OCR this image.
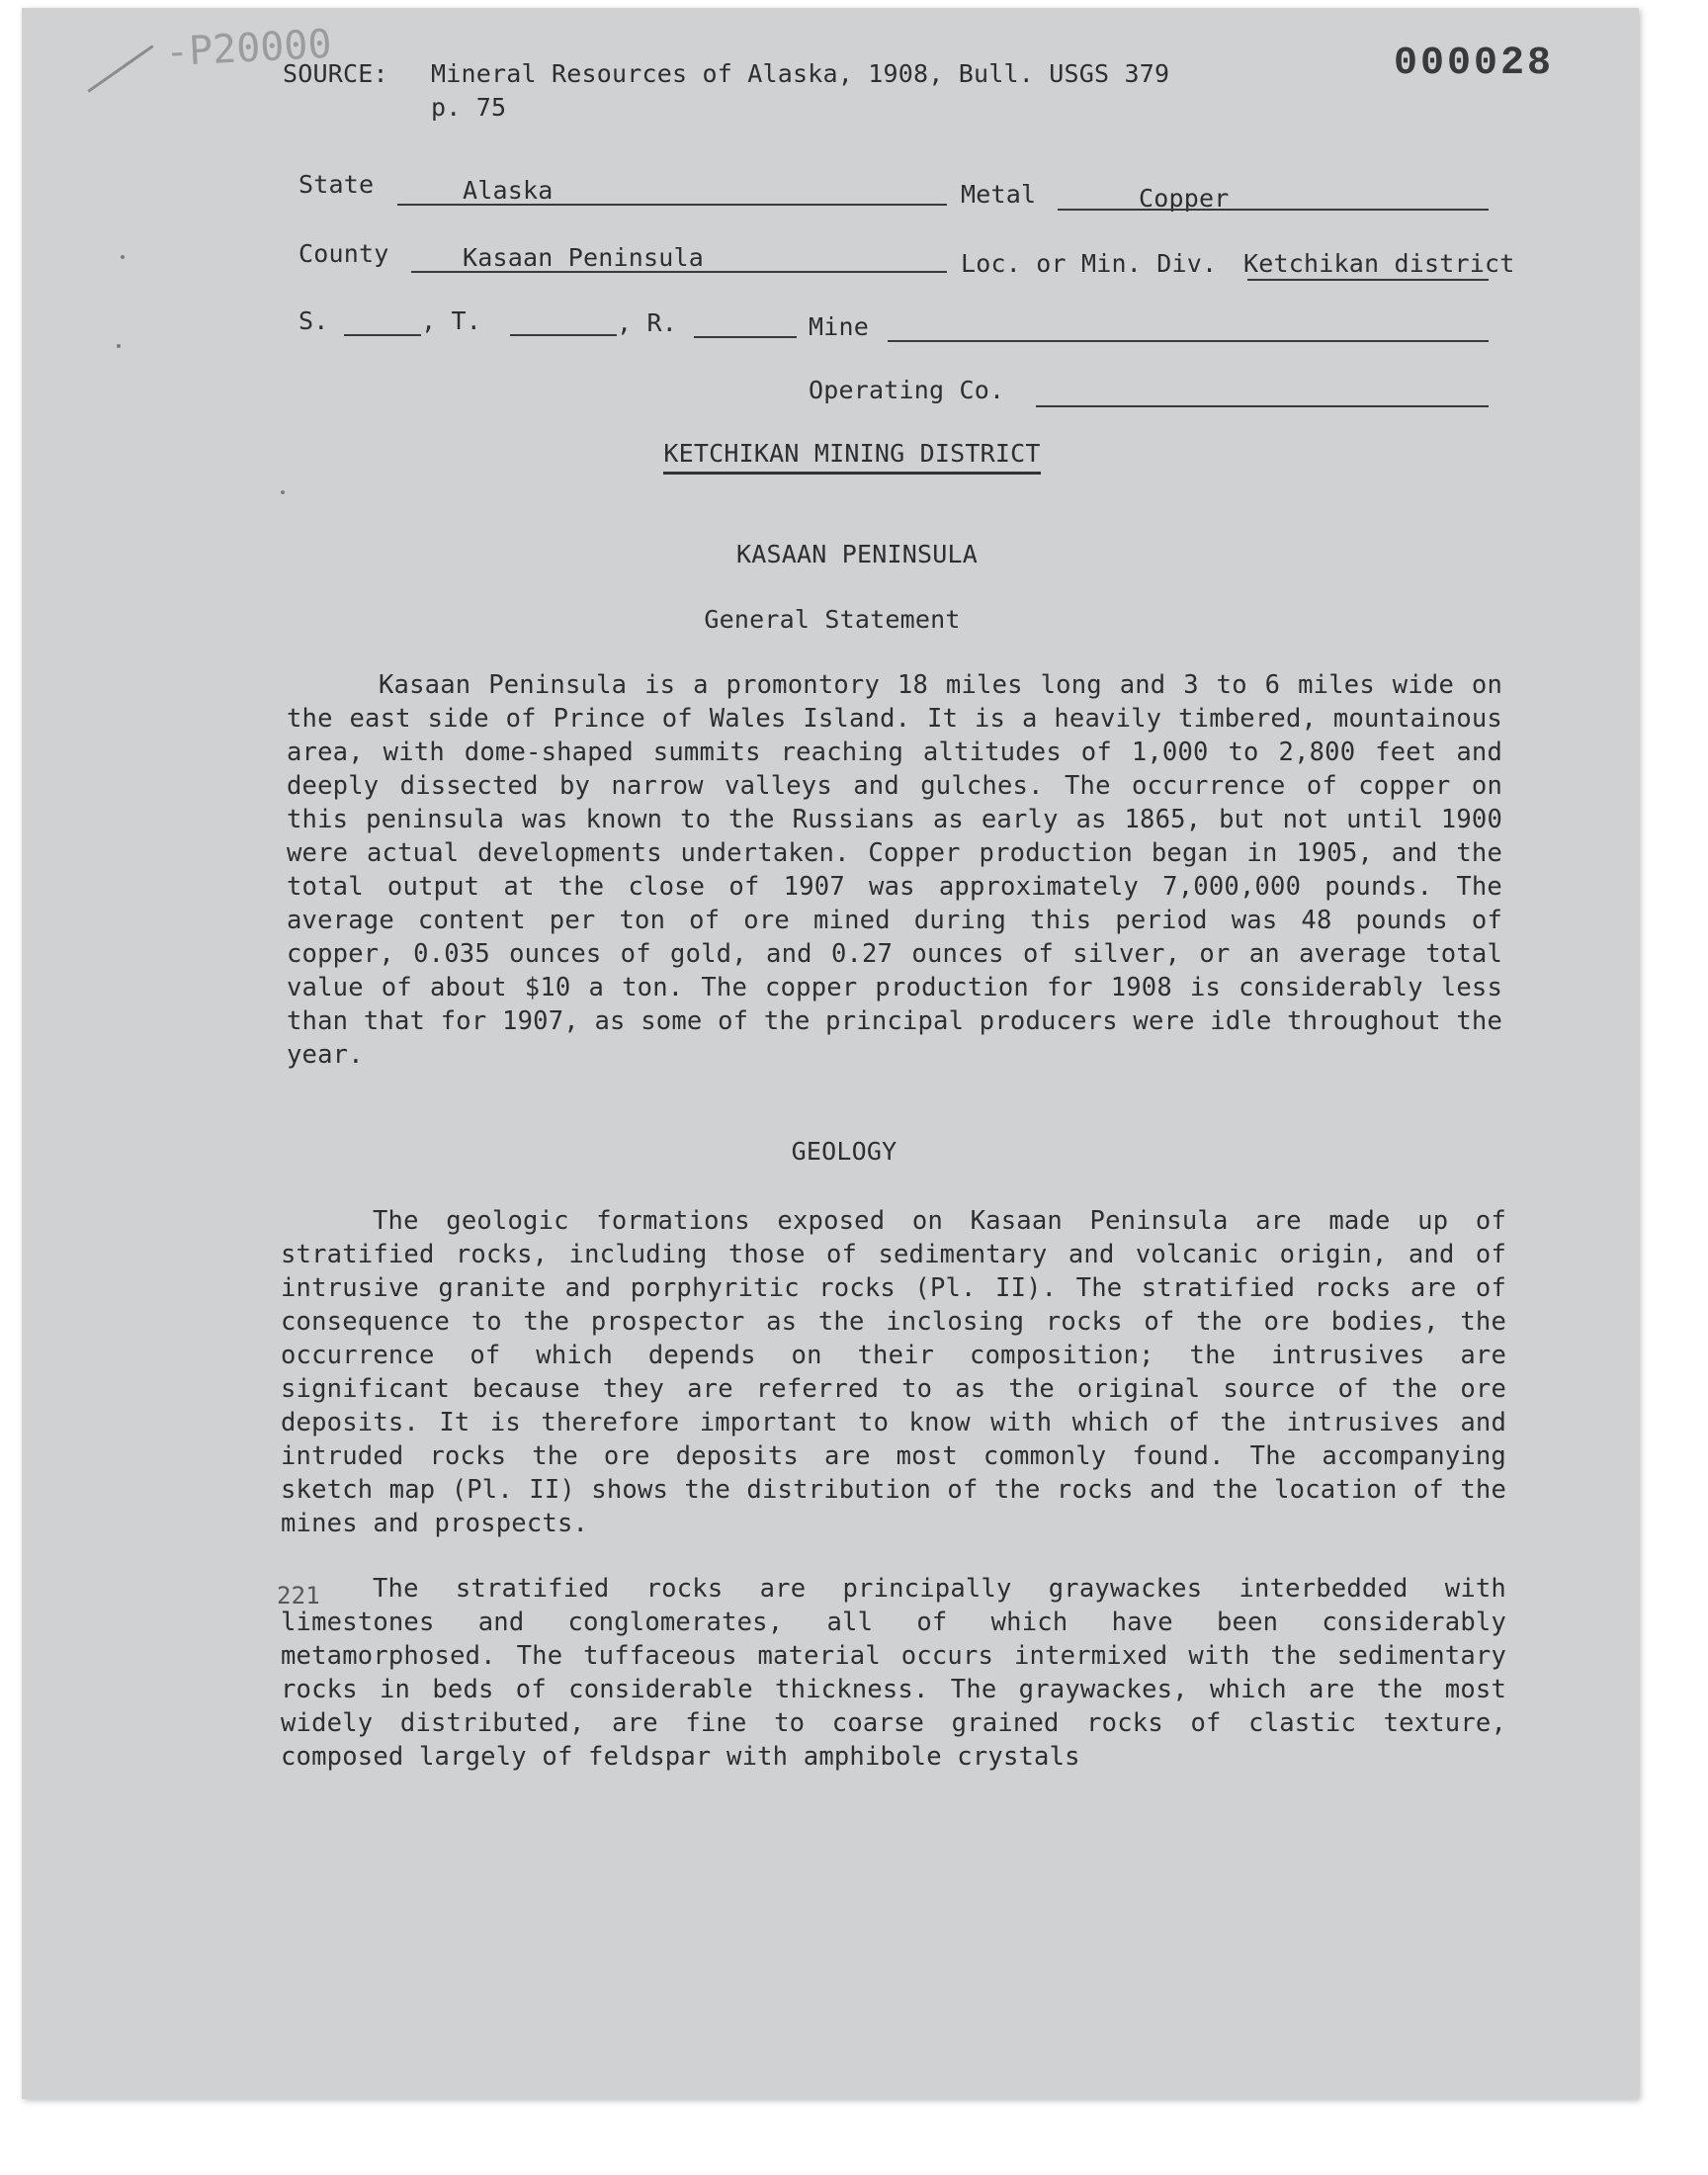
-P20000	000028
SOURCE: Mineral Resources of Alaska, 1908, Bull. USGS 379
p. 75
State	Alaska	Metal	Copper
County	Kasaan Peninsula	Loc. or Min. Div. Ketchikan district
S.	, T.	, R.	Mine
Operating Co.
KETCHIKAN MINING DISTRICT
KASAAN PENINSULA
General Statement

Kasaan Peninsula is a promontory 18 miles long and 3 to 6 miles wide on the east side of Prince of Wales Island. It is a heavily timbered, mountainous area, with dome-shaped summits reaching altitudes of 1,000 to 2,800 feet and deeply dissected by narrow valleys and gulches. The occurrence of copper on this peninsula was known to the Russians as early as 1865, but not until 1900 were actual developments undertaken. Copper production began in 1905, and the total output at the close of 1907 was approximately 7,000,000 pounds. The average content per ton of ore mined during this period was 48 pounds of copper, 0.035 ounces of gold, and 0.27 ounces of silver, or an average total value of about $10 a ton. The copper production for 1908 is considerably less than that for 1907, as some of the principal producers were idle throughout the year.

GEOLOGY

The geologic formations exposed on Kasaan Peninsula are made up of stratified rocks, including those of sedimentary and volcanic origin, and of intrusive granite and porphyritic rocks (Pl. II). The stratified rocks are of consequence to the prospector as the inclosing rocks of the ore bodies, the occurrence of which depends on their composition; the intrusives are significant because they are referred to as the original source of the ore deposits. It is therefore important to know with which of the intrusives and intruded rocks the ore deposits are most commonly found. The accompanying sketch map (Pl. II) shows the distribution of the rocks and the location of the mines and prospects.

221	The stratified rocks are principally graywackes interbedded with limestones and conglomerates, all of which have been considerably metamorphosed. The tuffaceous material occurs intermixed with the sedimentary rocks in beds of considerable thickness. The graywackes, which are the most widely distributed, are fine to coarse grained rocks of clastic texture, composed largely of feldspar with amphibole crystals
